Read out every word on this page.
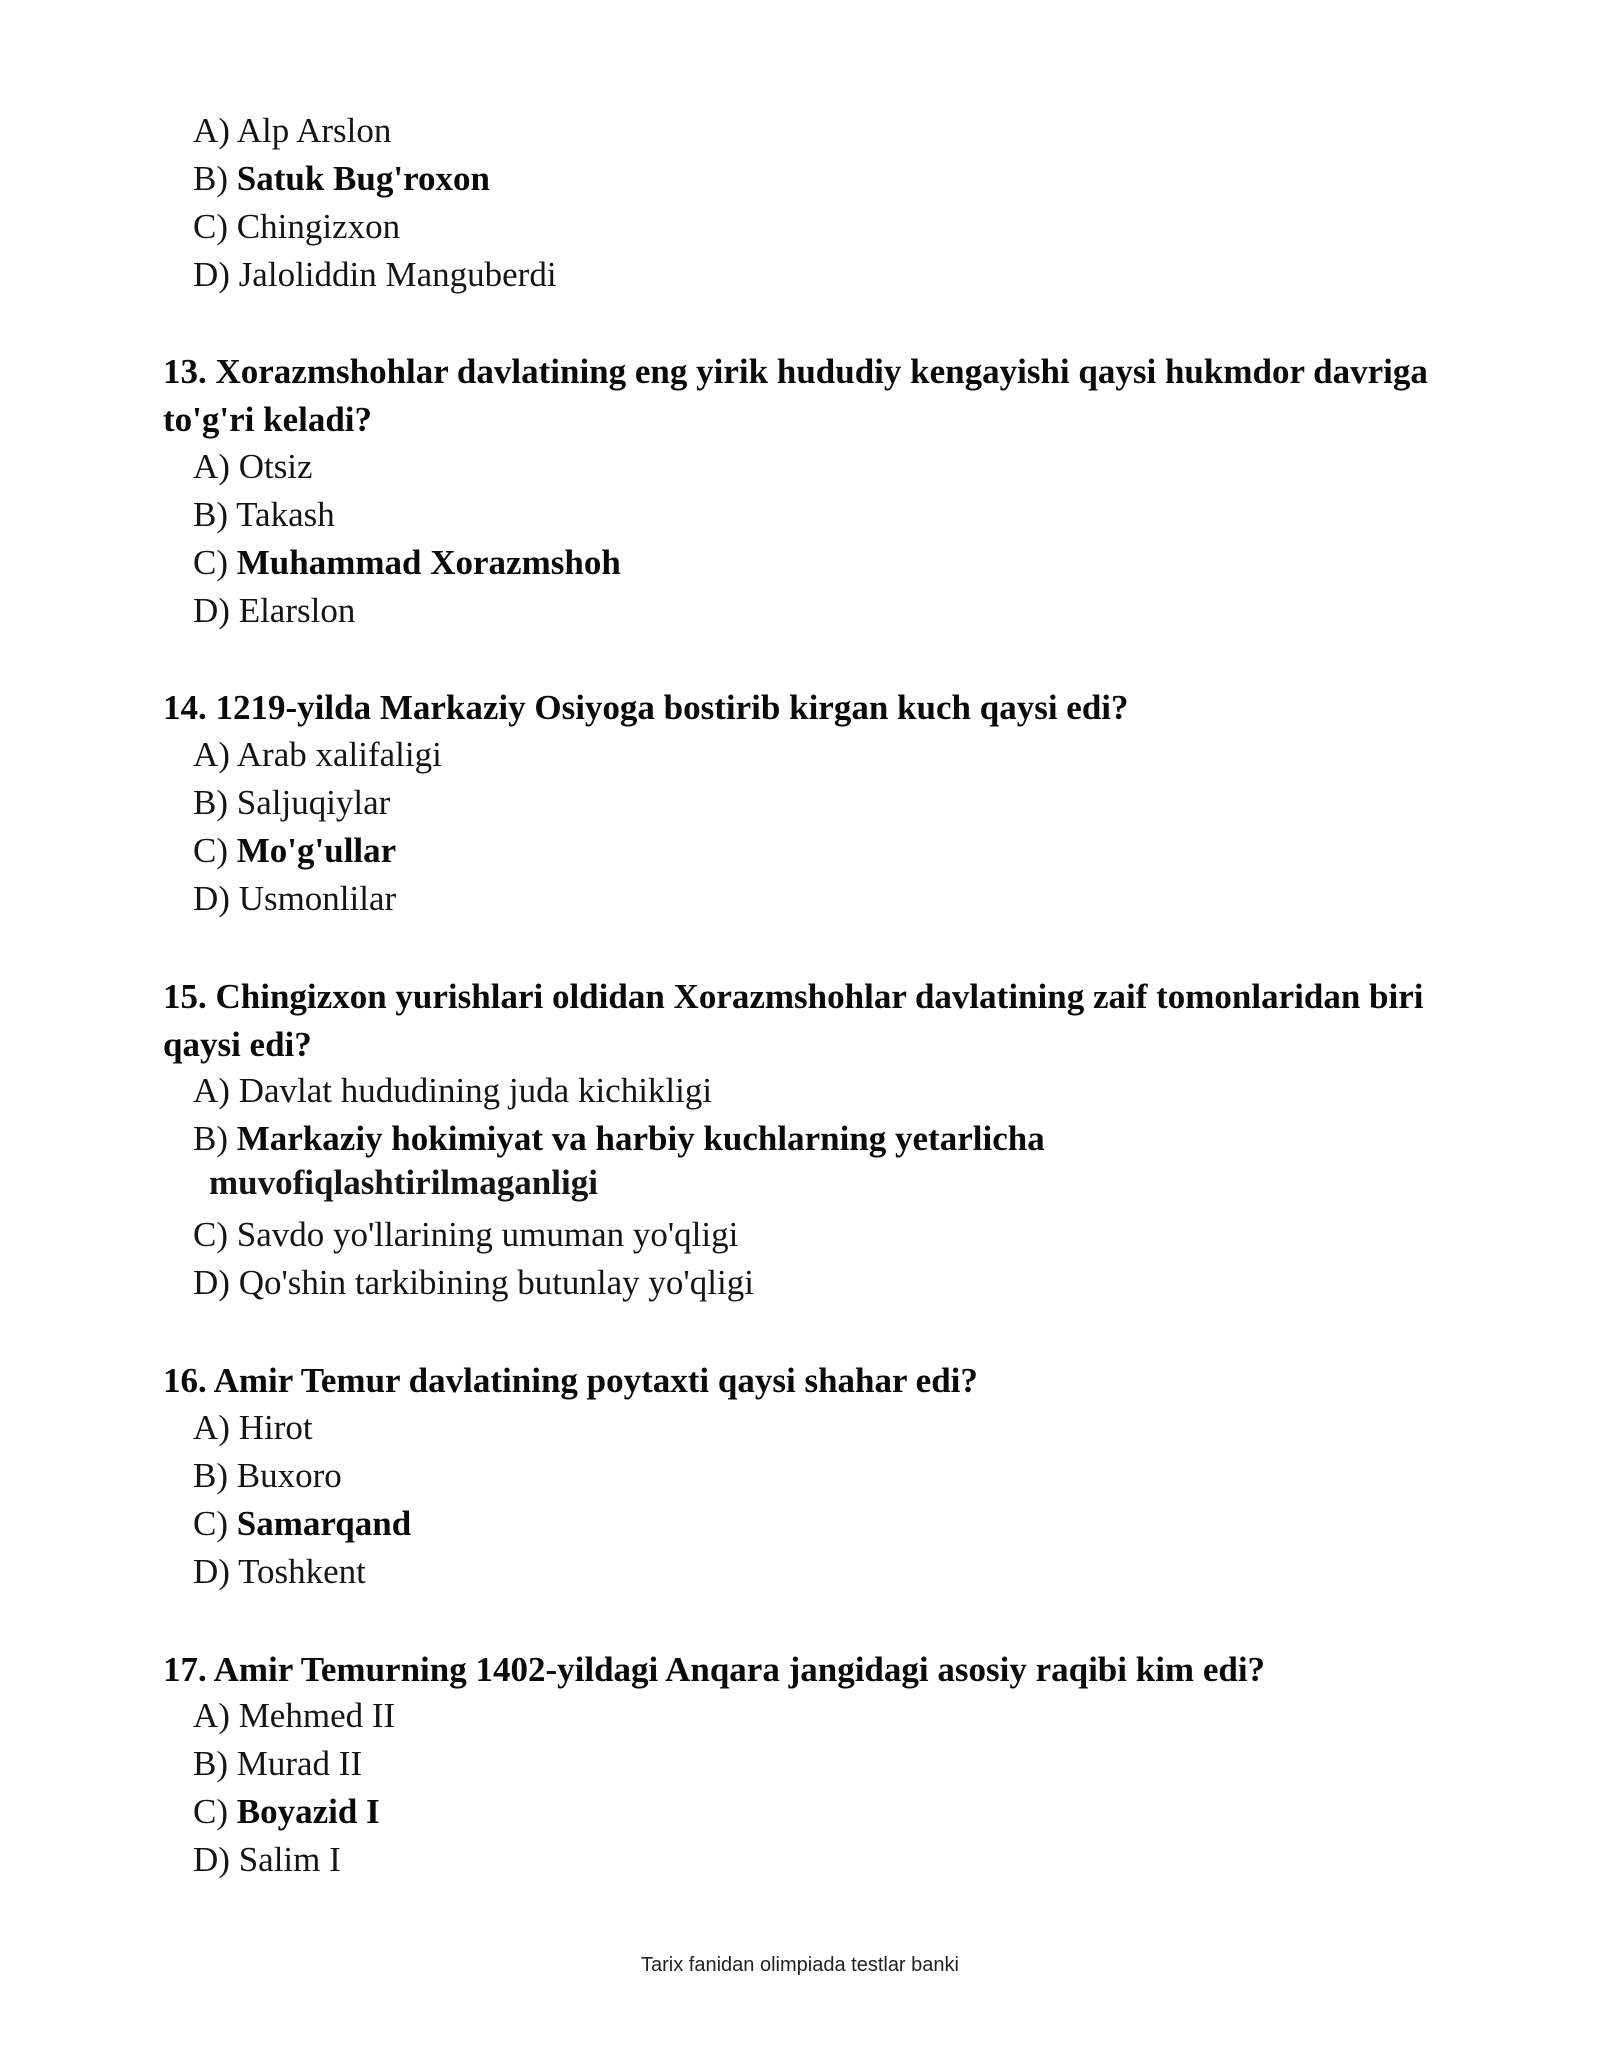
A) Alp Arslon
B) Satuk Bug'roxon
C) Chingizxon
D) Jaloliddin Manguberdi
13. Xorazmshohlar davlatining eng yirik hududiy kengayishi qaysi hukmdor davriga to'g'ri keladi?
A) Otsiz
B) Takash
C) Muhammad Xorazmshoh
D) Elarslon
14. 1219-yilda Markaziy Osiyoga bostirib kirgan kuch qaysi edi?
A) Arab xalifaligi
B) Saljuqiylar
C) Mo'g'ullar
D) Usmonlilar
15. Chingizxon yurishlari oldidan Xorazmshohlar davlatining zaif tomonlaridan biri qaysi edi?
A) Davlat hududining juda kichikligi
B) Markaziy hokimiyat va harbiy kuchlarning yetarlicha
muvofiqlashtirilmaganligi
C) Savdo yo'llarining umuman yo'qligi
D) Qo'shin tarkibining butunlay yo'qligi
16. Amir Temur davlatining poytaxti qaysi shahar edi?
A) Hirot
B) Buxoro
C) Samarqand
D) Toshkent
17. Amir Temurning 1402-yildagi Anqara jangidagi asosiy raqibi kim edi?
A) Mehmed II
B) Murad II
C) Boyazid I
D) Salim I
Tarix fanidan olimpiada testlar banki
